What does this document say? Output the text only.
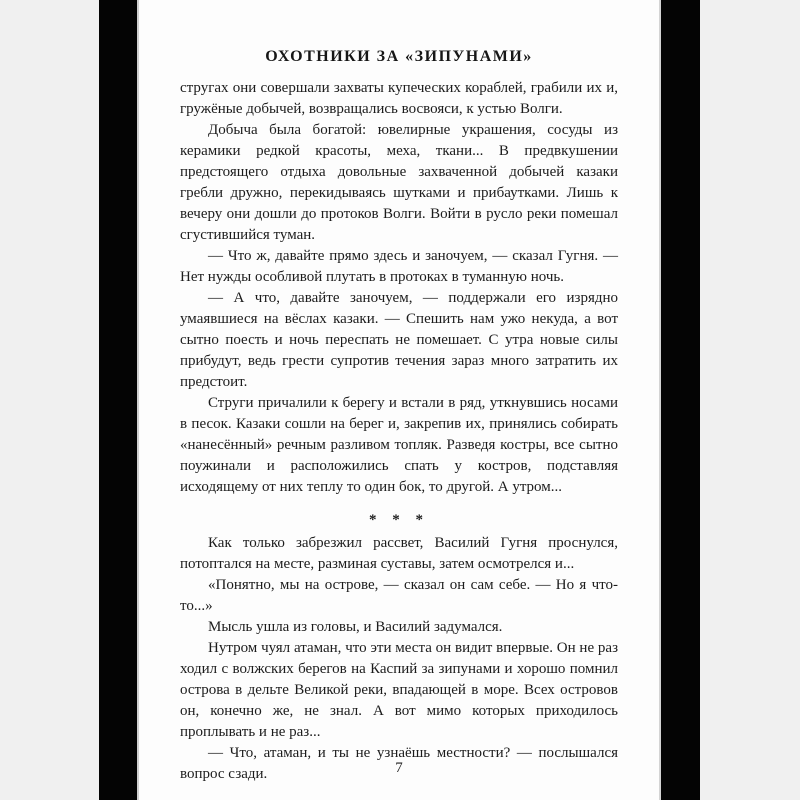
ОХОТНИКИ ЗА «ЗИПУНАМИ»

стругах они совершали захваты купеческих кораблей, грабили их и, гружёные добычей, возвращались восвояси, к устью Волги.

Добыча была богатой: ювелирные украшения, сосуды из керамики редкой красоты, меха, ткани... В предвкушении предстоящего отдыха довольные захваченной добычей казаки гребли дружно, перекидываясь шутками и прибаутками. Лишь к вечеру они дошли до протоков Волги. Войти в русло реки помешал сгустившийся туман.

— Что ж, давайте прямо здесь и заночуем, — сказал Гугня. — Нет нужды особливой плутать в протоках в туманную ночь.

— А что, давайте заночуем, — поддержали его изрядно умаявшиеся на вёслах казаки. — Спешить нам ужо некуда, а вот сытно поесть и ночь переспать не помешает. С утра новые силы прибудут, ведь грести супротив течения зараз много затратить их предстоит.

Струги причалили к берегу и встали в ряд, уткнувшись носами в песок. Казаки сошли на берег и, закрепив их, принялись собирать «нанесённый» речным разливом топляк. Разведя костры, все сытно поужинали и расположились спать у костров, подставляя исходящему от них теплу то один бок, то другой. А утром...

* * *

Как только забрезжил рассвет, Василий Гугня проснулся, потоптался на месте, разминая суставы, затем осмотрелся и...

«Понятно, мы на острове, — сказал он сам себе. — Но я что-то...»

Мысль ушла из головы, и Василий задумался.

Нутром чуял атаман, что эти места он видит впервые. Он не раз ходил с волжских берегов на Каспий за зипунами и хорошо помнил острова в дельте Великой реки, впадающей в море. Всех островов он, конечно же, не знал. А вот мимо которых приходилось проплывать и не раз...

— Что, атаман, и ты не узнаёшь местности? — послышался вопрос сзади.	7
